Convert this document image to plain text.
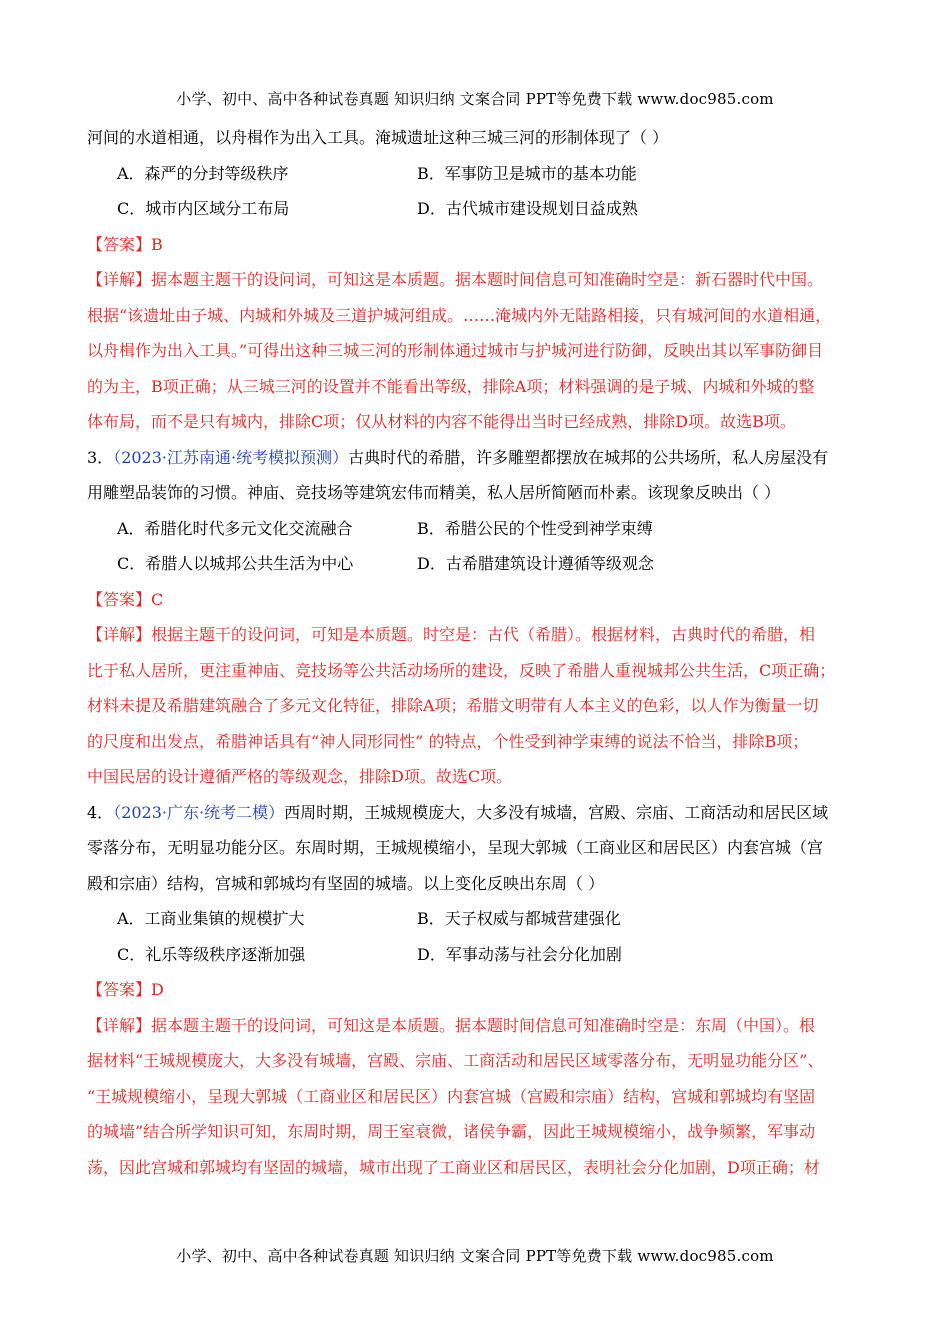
小学、初中、高中各种试卷真题 知识归纳 文案合同 PPT等免费下载 www.doc985.com
河间的水道相通，以舟楫作为出入工具。淹城遗址这种三城三河的形制体现了（ ）
A．森严的分封等级秩序	B．军事防卫是城市的基本功能
C．城市内区域分工布局	D．古代城市建设规划日益成熟
【答案】B
【详解】据本题主题干的设问词，可知这是本质题。据本题时间信息可知准确时空是：新石器时代中国。
根据“该遗址由子城、内城和外城及三道护城河组成。……淹城内外无陆路相接，只有城河间的水道相通，
以舟楫作为出入工具。”可得出这种三城三河的形制体通过城市与护城河进行防御，反映出其以军事防御目
的为主，B项正确；从三城三河的设置并不能看出等级，排除A项；材料强调的是子城、内城和外城的整
体布局，而不是只有城内，排除C项；仅从材料的内容不能得出当时已经成熟，排除D项。故选B项。
3．（2023·江苏南通·统考模拟预测）古典时代的希腊，许多雕塑都摆放在城邦的公共场所，私人房屋没有
用雕塑品装饰的习惯。神庙、竞技场等建筑宏伟而精美，私人居所简陋而朴素。该现象反映出（ ）
A．希腊化时代多元文化交流融合	B．希腊公民的个性受到神学束缚
C．希腊人以城邦公共生活为中心	D．古希腊建筑设计遵循等级观念
【答案】C
【详解】根据主题干的设问词，可知是本质题。时空是：古代（希腊）。根据材料，古典时代的希腊，相
比于私人居所，更注重神庙、竞技场等公共活动场所的建设，反映了希腊人重视城邦公共生活，C项正确；
材料未提及希腊建筑融合了多元文化特征，排除A项；希腊文明带有人本主义的色彩，以人作为衡量一切
的尺度和出发点，希腊神话具有“神人同形同性” 的特点，个性受到神学束缚的说法不恰当，排除B项；
中国民居的设计遵循严格的等级观念，排除D项。故选C项。
4．（2023·广东·统考二模）西周时期，王城规模庞大，大多没有城墙，宫殿、宗庙、工商活动和居民区域
零落分布，无明显功能分区。东周时期，王城规模缩小，呈现大郭城（工商业区和居民区）内套宫城（宫
殿和宗庙）结构，宫城和郭城均有坚固的城墙。以上变化反映出东周（ ）
A．工商业集镇的规模扩大	B．天子权威与都城营建强化
C．礼乐等级秩序逐渐加强	D．军事动荡与社会分化加剧
【答案】D
【详解】据本题主题干的设问词，可知这是本质题。据本题时间信息可知准确时空是：东周（中国）。根
据材料“王城规模庞大，大多没有城墙，宫殿、宗庙、工商活动和居民区域零落分布，无明显功能分区”、
“王城规模缩小，呈现大郭城（工商业区和居民区）内套宫城（宫殿和宗庙）结构，宫城和郭城均有坚固
的城墙”结合所学知识可知，东周时期，周王室衰微，诸侯争霸，因此王城规模缩小，战争频繁，军事动
荡，因此宫城和郭城均有坚固的城墙，城市出现了工商业区和居民区，表明社会分化加剧，D项正确；材
小学、初中、高中各种试卷真题 知识归纳 文案合同 PPT等免费下载 www.doc985.com
